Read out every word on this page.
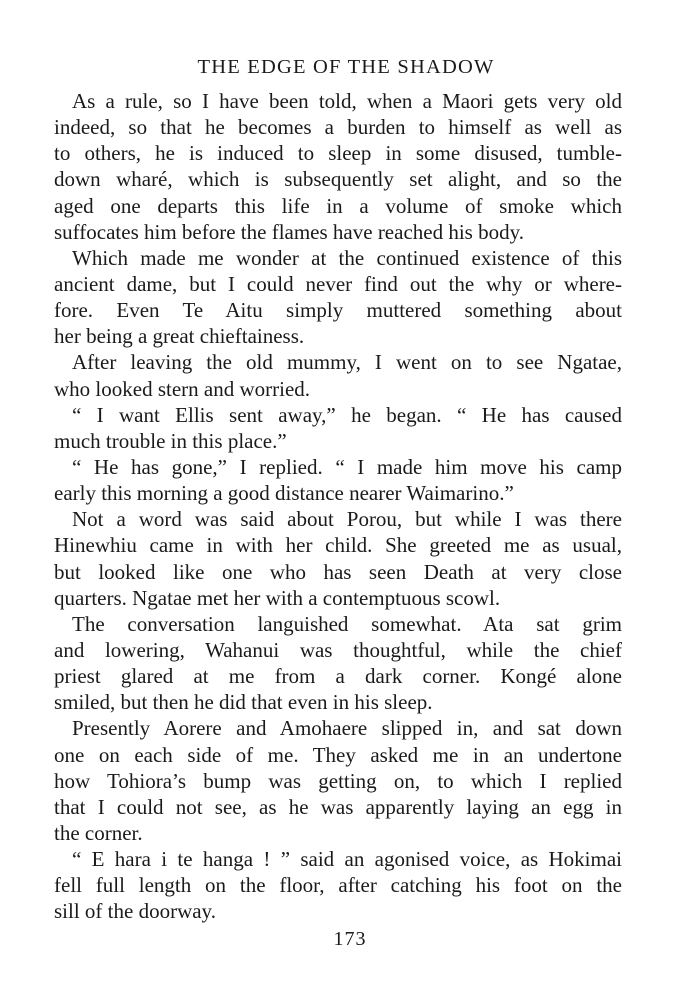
THE EDGE OF THE SHADOW
As a rule, so I have been told, when a Maori gets very old
indeed, so that he becomes a burden to himself as well as
to others, he is induced to sleep in some disused, tumble-
down wharé, which is subsequently set alight, and so the
aged one departs this life in a volume of smoke which
suffocates him before the flames have reached his body.
Which made me wonder at the continued existence of this
ancient dame, but I could never find out the why or where-
fore. Even Te Aitu simply muttered something about
her being a great chieftainess.
After leaving the old mummy, I went on to see Ngatae,
who looked stern and worried.
“ I want Ellis sent away,” he began. “ He has caused
much trouble in this place.”
“ He has gone,” I replied. “ I made him move his camp
early this morning a good distance nearer Waimarino.”
Not a word was said about Porou, but while I was there
Hinewhiu came in with her child. She greeted me as usual,
but looked like one who has seen Death at very close
quarters. Ngatae met her with a contemptuous scowl.
The conversation languished somewhat. Ata sat grim
and lowering, Wahanui was thoughtful, while the chief
priest glared at me from a dark corner. Kongé alone
smiled, but then he did that even in his sleep.
Presently Aorere and Amohaere slipped in, and sat down
one on each side of me. They asked me in an undertone
how Tohiora’s bump was getting on, to which I replied
that I could not see, as he was apparently laying an egg in
the corner.
“ E hara i te hanga ! ” said an agonised voice, as Hokimai
fell full length on the floor, after catching his foot on the
sill of the doorway.
173
